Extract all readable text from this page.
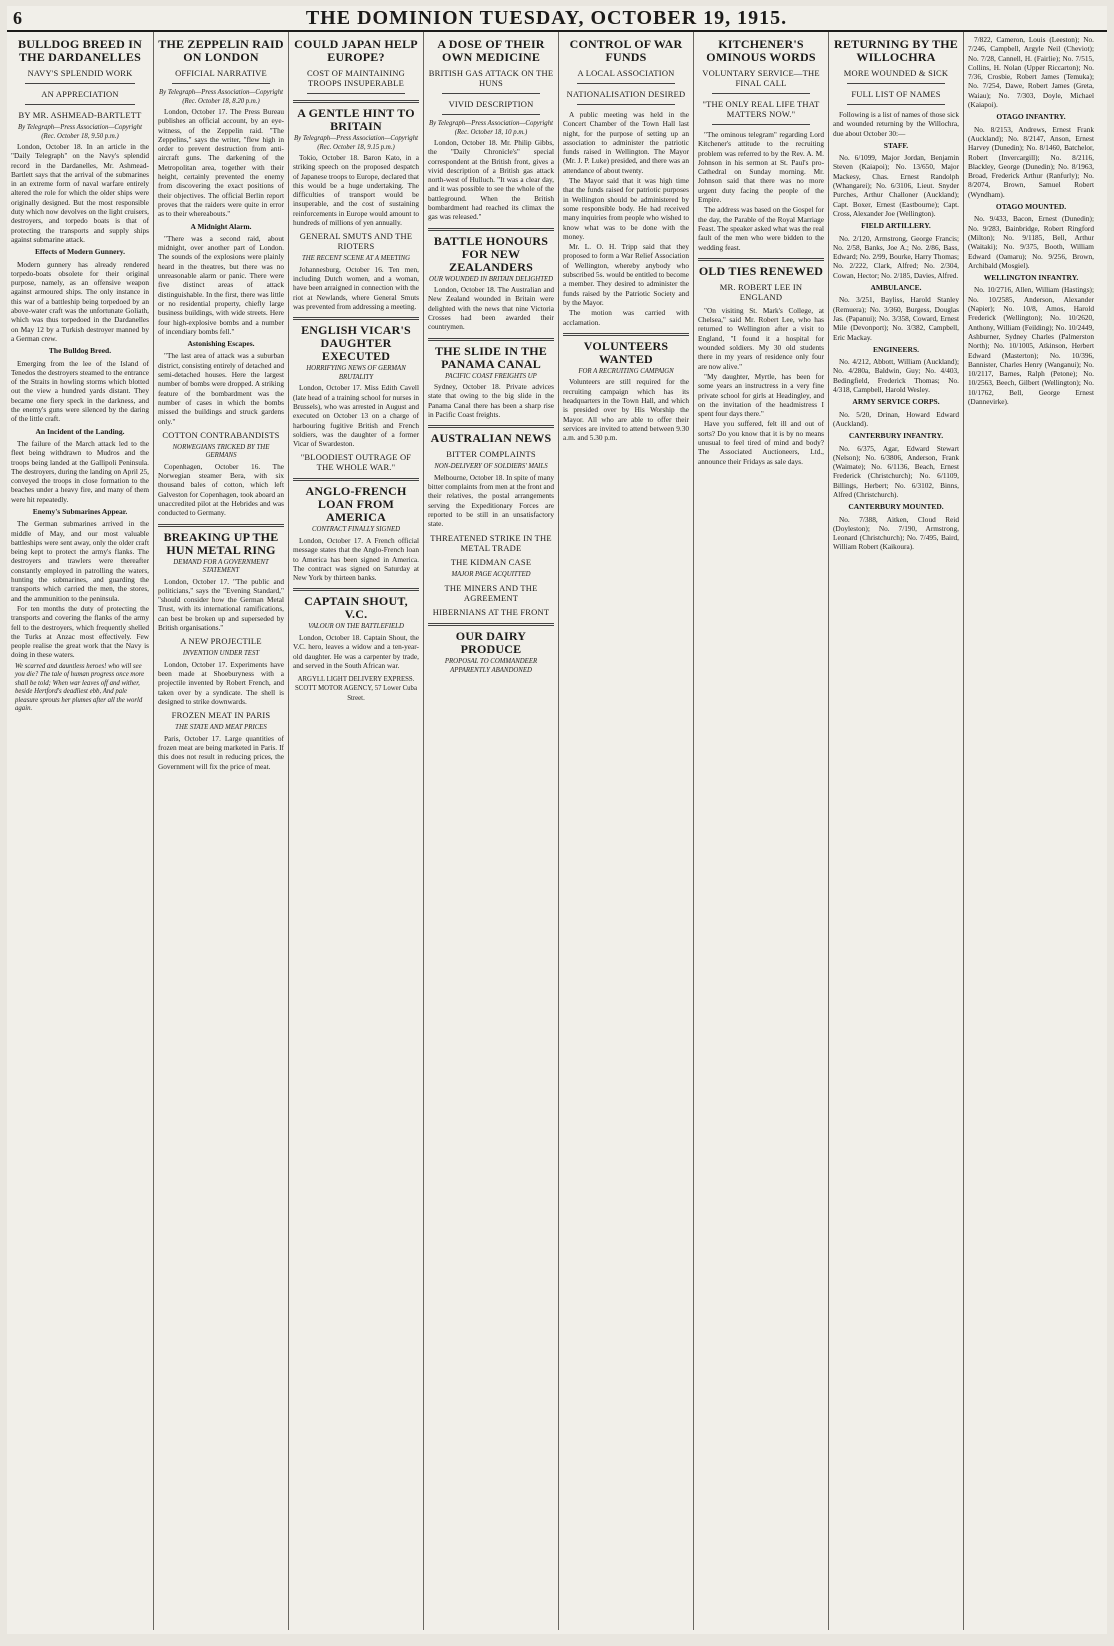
6	THE DOMINION TUESDAY, OCTOBER 19, 1915.
BULLDOG BREED IN THE DARDANELLES
NAVY'S SPLENDID WORK
AN APPRECIATION
BY MR. ASHMEAD-BARTLETT
By Telegraph—Press Association—Copyright
(Rec. October 18, 9.50 p.m.)
London, October 18. In an article in the "Daily Telegraph" on the Navy's splendid record in the Dardanelles, Mr. Ashmead-Bartlett says that the arrival of the submarines in an extreme form of naval warfare entirely altered the role for which the older ships were originally designed. But the most responsible duty which now devolves on the light cruisers, destroyers, and torpedo boats is that of protecting the transports and supply ships against submarine attack.
Effects of Modern Gunnery.
Modern gunnery has already rendered torpedo-boats obsolete for their original purpose, namely, as an offensive weapon against armoured ships. The only instance in this war of a battleship being torpedoed by an above-water craft was the unfortunate Goliath, which was thus torpedoed in the Dardanelles on May 12 by a Turkish destroyer manned by a German crew.
The Bulldog Breed.
Emerging from the lee of the Island of Tenedos the destroyers steamed to the entrance of the Straits in howling storms which blotted out the view a hundred yards distant. They became one fiery speck in the darkness, and the enemy's guns were silenced by the daring of the little craft.
An Incident of the Landing.
The failure of the March attack led to the fleet being withdrawn to Mudros and the troops being landed at the Gallipoli Peninsula. The destroyers, during the landing on April 25, conveyed the troops in close formation to the beaches under a heavy fire, and many of them were hit repeatedly.
Enemy's Submarines Appear.
The German submarines arrived in the middle of May, and our most valuable battleships were sent away, only the older craft being kept to protect the army's flanks. The destroyers and trawlers were thereafter constantly employed in patrolling the waters, hunting the submarines, and guarding the transports which carried the men, the stores, and the ammunition to the peninsula.
For ten months the duty of protecting the transports and covering the flanks of the army fell to the destroyers, which frequently shelled the Turks at Anzac most effectively. Few people realise the great work that the Navy is doing in these waters.
We scarred and dauntless heroes! who will see you die? The tale of human progress once more shall be told; When war leaves off and wither, beside Hertford's deadliest ebb, And pale pleasure sprouts her plumes after all the world again.
THE ZEPPELIN RAID ON LONDON
OFFICIAL NARRATIVE
By Telegraph—Press Association—Copyright
(Rec. October 18, 8.20 p.m.)
London, October 17. The Press Bureau publishes an official account, by an eye-witness, of the Zeppelin raid. "The Zeppelins," says the writer, "flew high in order to prevent destruction from anti-aircraft guns. The darkening of the Metropolitan area, together with their height, certainly prevented the enemy from discovering the exact positions of their objectives. The official Berlin report proves that the raiders were quite in error as to their whereabouts."
A Midnight Alarm.
"There was a second raid, about midnight, over another part of London. The sounds of the explosions were plainly heard in the theatres, but there was no unreasonable alarm or panic. There were five distinct areas of attack distinguishable. In the first, there was little or no residential property, chiefly large business buildings, with wide streets. Here four high-explosive bombs and a number of incendiary bombs fell."
Astonishing Escapes.
"The last area of attack was a suburban district, consisting entirely of detached and semi-detached houses. Here the largest number of bombs were dropped. A striking feature of the bombardment was the number of cases in which the bombs missed the buildings and struck gardens only."
COTTON CONTRABANDISTS
NORWEGIANS TRICKED BY THE GERMANS
Copenhagen, October 16. The Norwegian steamer Bera, with six thousand bales of cotton, which left Galveston for Copenhagen, took aboard an unaccredited pilot at the Hebrides and was conducted to Germany.
BREAKING UP THE HUN METAL RING
DEMAND FOR A GOVERNMENT STATEMENT
London, October 17. "The public and politicians," says the "Evening Standard," "should consider how the German Metal Trust, with its international ramifications, can best be broken up and superseded by British organisations."
A NEW PROJECTILE
INVENTION UNDER TEST
London, October 17. Experiments have been made at Shoeburyness with a projectile invented by Robert French, and taken over by a syndicate. The shell is designed to strike downwards.
FROZEN MEAT IN PARIS
THE STATE AND MEAT PRICES
Paris, October 17. Large quantities of frozen meat are being marketed in Paris. If this does not result in reducing prices, the Government will fix the price of meat.
COULD JAPAN HELP EUROPE?
COST OF MAINTAINING TROOPS INSUPERABLE
A GENTLE HINT TO BRITAIN
By Telegraph—Press Association—Copyright
(Rec. October 18, 9.15 p.m.)
Tokio, October 18. Baron Kato, in a striking speech on the proposed despatch of Japanese troops to Europe, declared that this would be a huge undertaking. The difficulties of transport would be insuperable, and the cost of sustaining reinforcements in Europe would amount to hundreds of millions of yen annually.
GENERAL SMUTS AND THE RIOTERS
THE RECENT SCENE AT A MEETING
Johannesburg, October 16. Ten men, including Dutch women, and a woman, have been arraigned in connection with the riot at Newlands, where General Smuts was prevented from addressing a meeting.
ENGLISH VICAR'S DAUGHTER EXECUTED
HORRIFYING NEWS OF GERMAN BRUTALITY
London, October 17. Miss Edith Cavell (late head of a training school for nurses in Brussels), who was arrested in August and executed on October 13 on a charge of harbouring fugitive British and French soldiers, was the daughter of a former Vicar of Swardeston.
"BLOODIEST OUTRAGE OF THE WHOLE WAR."
ANGLO-FRENCH LOAN FROM AMERICA
CONTRACT FINALLY SIGNED
London, October 17. A French official message states that the Anglo-French loan to America has been signed in America. The contract was signed on Saturday at New York by thirteen banks.
CAPTAIN SHOUT, V.C.
VALOUR ON THE BATTLEFIELD
London, October 18. Captain Shout, the V.C. hero, leaves a widow and a ten-year-old daughter. He was a carpenter by trade, and served in the South African war.
ARGYLL LIGHT DELIVERY EXPRESS. SCOTT MOTOR AGENCY, 57 Lower Cuba Street.
A DOSE OF THEIR OWN MEDICINE
BRITISH GAS ATTACK ON THE HUNS
VIVID DESCRIPTION
By Telegraph—Press Association—Copyright
(Rec. October 18, 10 p.m.)
London, October 18. Mr. Philip Gibbs, the "Daily Chronicle's" special correspondent at the British front, gives a vivid description of a British gas attack north-west of Hulluch. "It was a clear day, and it was possible to see the whole of the battleground. When the British bombardment had reached its climax the gas was released."
BATTLE HONOURS FOR NEW ZEALANDERS
OUR WOUNDED IN BRITAIN DELIGHTED
London, October 18. The Australian and New Zealand wounded in Britain were delighted with the news that nine Victoria Crosses had been awarded their countrymen.
THE SLIDE IN THE PANAMA CANAL
PACIFIC COAST FREIGHTS UP
Sydney, October 18. Private advices state that owing to the big slide in the Panama Canal there has been a sharp rise in Pacific Coast freights.
AUSTRALIAN NEWS
BITTER COMPLAINTS
NON-DELIVERY OF SOLDIERS' MAILS
Melbourne, October 18. In spite of many bitter complaints from men at the front and their relatives, the postal arrangements serving the Expeditionary Forces are reported to be still in an unsatisfactory state.
THREATENED STRIKE IN THE METAL TRADE
THE KIDMAN CASE
MAJOR PAGE ACQUITTED
THE MINERS AND THE AGREEMENT
HIBERNIANS AT THE FRONT
OUR DAIRY PRODUCE
PROPOSAL TO COMMANDEER APPARENTLY ABANDONED
CONTROL OF WAR FUNDS
A LOCAL ASSOCIATION
NATIONALISATION DESIRED
A public meeting was held in the Concert Chamber of the Town Hall last night, for the purpose of setting up an association to administer the patriotic funds raised in Wellington. The Mayor (Mr. J. P. Luke) presided, and there was an attendance of about twenty.
The Mayor said that it was high time that the funds raised for patriotic purposes in Wellington should be administered by some responsible body. He had received many inquiries from people who wished to know what was to be done with the money.
Mr. L. O. H. Tripp said that they proposed to form a War Relief Association of Wellington, whereby anybody who subscribed 5s. would be entitled to become a member. They desired to administer the funds raised by the Patriotic Society and by the Mayor.
The motion was carried with acclamation.
VOLUNTEERS WANTED
FOR A RECRUITING CAMPAIGN
Volunteers are still required for the recruiting campaign which has its headquarters in the Town Hall, and which is presided over by His Worship the Mayor. All who are able to offer their services are invited to attend between 9.30 a.m. and 5.30 p.m.
KITCHENER'S OMINOUS WORDS
VOLUNTARY SERVICE—THE FINAL CALL
"THE ONLY REAL LIFE THAT MATTERS NOW."
"The ominous telegram" regarding Lord Kitchener's attitude to the recruiting problem was referred to by the Rev. A. M. Johnson in his sermon at St. Paul's pro-Cathedral on Sunday morning. Mr. Johnson said that there was no more urgent duty facing the people of the Empire.
The address was based on the Gospel for the day, the Parable of the Royal Marriage Feast. The speaker asked what was the real fault of the men who were bidden to the wedding feast.
OLD TIES RENEWED
MR. ROBERT LEE IN ENGLAND
"On visiting St. Mark's College, at Chelsea," said Mr. Robert Lee, who has returned to Wellington after a visit to England, "I found it a hospital for wounded soldiers. My 30 old students there in my years of residence only four are now alive."
"My daughter, Myrtle, has been for some years an instructress in a very fine private school for girls at Headingley, and on the invitation of the headmistress I spent four days there."
Have you suffered, felt ill and out of sorts? Do you know that it is by no means unusual to feel tired of mind and body? The Associated Auctioneers, Ltd., announce their Fridays as sale days.
RETURNING BY THE WILLOCHRA
MORE WOUNDED & SICK
FULL LIST OF NAMES
Following is a list of names of those sick and wounded returning by the Willochra, due about October 30:—
STAFF.
No. 6/1099, Major Jordan, Benjamin Steven (Kaiapoi); No. 13/650, Major Mackesy, Chas. Ernest Randolph (Whangarei); No. 6/3106, Lieut. Snyder Purches, Arthur Challoner (Auckland); Capt. Boxer, Ernest (Eastbourne); Capt. Cross, Alexander Joe (Wellington).
FIELD ARTILLERY.
No. 2/120, Armstrong, George Francis; No. 2/58, Banks, Joe A.; No. 2/86, Bass, Edward; No. 2/99, Bourke, Harry Thomas; No. 2/222, Clark, Alfred; No. 2/304, Cowan, Hector; No. 2/185, Davies, Alfred.
AMBULANCE.
No. 3/251, Bayliss, Harold Stanley (Remuera); No. 3/360, Burgess, Douglas Jas. (Papanui); No. 3/358, Coward, Ernest Mile (Devonport); No. 3/382, Campbell, Eric Mackay.
ENGINEERS.
No. 4/212, Abbott, William (Auckland); No. 4/280a, Baldwin, Guy; No. 4/403, Bedingfield, Frederick Thomas; No. 4/318, Campbell, Harold Wesley.
ARMY SERVICE CORPS.
No. 5/20, Drinan, Howard Edward (Auckland).
CANTERBURY INFANTRY.
No. 6/375, Agar, Edward Stewart (Nelson); No. 6/3806, Anderson, Frank (Waimate); No. 6/1136, Beach, Ernest Frederick (Christchurch); No. 6/1109, Billings, Herbert; No. 6/3102, Binns, Alfred (Christchurch).
CANTERBURY MOUNTED.
No. 7/388, Aitken, Cloud Reid (Doyleston); No. 7/190, Armstrong, Leonard (Christchurch); No. 7/495, Baird, William Robert (Kaikoura).
7/822, Cameron, Louis (Leeston); No. 7/246, Campbell, Argyle Neil (Cheviot); No. 7/28, Cannell, H. (Fairlie); No. 7/515, Collins, H. Nolan (Upper Riccarton); No. 7/36, Crosbie, Robert James (Temuka); No. 7/254, Dawe, Robert James (Greta, Waiau); No. 7/303, Doyle, Michael (Kaiapoi).
OTAGO INFANTRY.
No. 8/2153, Andrews, Ernest Frank (Auckland); No. 8/2147, Anson, Ernest Harvey (Dunedin); No. 8/1460, Batchelor, Robert (Invercargill); No. 8/2116, Blackley, George (Dunedin); No. 8/1963, Broad, Frederick Arthur (Ranfurly); No. 8/2074, Brown, Samuel Robert (Wyndham).
OTAGO MOUNTED.
No. 9/433, Bacon, Ernest (Dunedin); No. 9/283, Bainbridge, Robert Ringford (Milton); No. 9/1185, Bell, Arthur (Waitaki); No. 9/375, Booth, William Edward (Oamaru); No. 9/256, Brown, Archibald (Mosgiel).
WELLINGTON INFANTRY.
No. 10/2716, Allen, William (Hastings); No. 10/2585, Anderson, Alexander (Napier); No. 10/8, Amos, Harold Frederick (Wellington); No. 10/2620, Anthony, William (Feilding); No. 10/2449, Ashburner, Sydney Charles (Palmerston North); No. 10/1005, Atkinson, Herbert Edward (Masterton); No. 10/396, Bannister, Charles Henry (Wanganui); No. 10/2117, Barnes, Ralph (Petone); No. 10/2563, Beech, Gilbert (Wellington); No. 10/1762, Bell, George Ernest (Dannevirke).
